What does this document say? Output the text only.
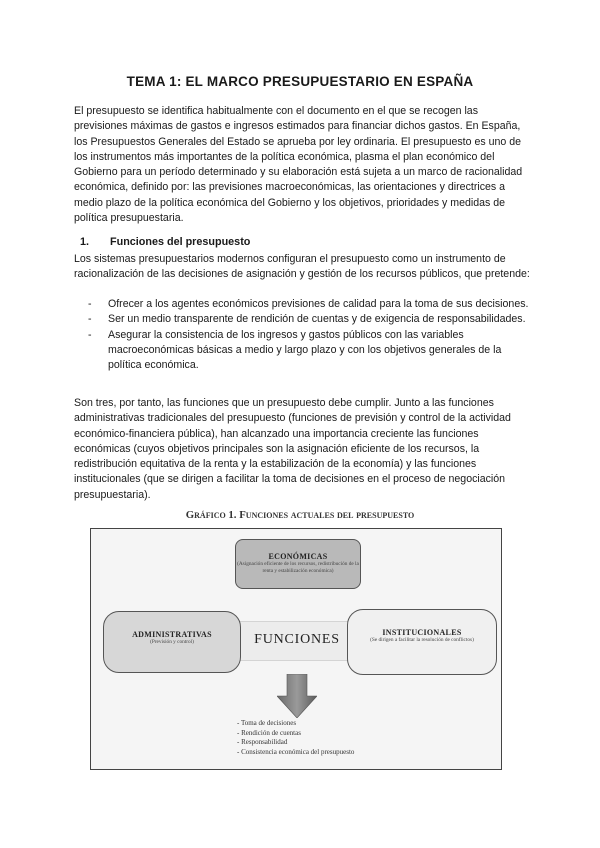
TEMA 1: EL MARCO PRESUPUESTARIO EN ESPAÑA
El presupuesto se identifica habitualmente con el documento en el que se recogen las previsiones máximas de gastos e ingresos estimados para financiar dichos gastos. En España, los Presupuestos Generales del Estado se aprueba por ley ordinaria. El presupuesto es uno de los instrumentos más importantes de la política económica, plasma el plan económico del Gobierno para un período determinado y su elaboración está sujeta a un marco de racionalidad económica, definido por: las previsiones macroeconómicas, las orientaciones y directrices a medio plazo de la política económica del Gobierno y los objetivos, prioridades y medidas de política presupuestaria.
1. Funciones del presupuesto
Los sistemas presupuestarios modernos configuran el presupuesto como un instrumento de racionalización de las decisiones de asignación y gestión de los recursos públicos, que pretende:
-	Ofrecer a los agentes económicos previsiones de calidad para la toma de sus decisiones.
-	Ser un medio transparente de rendición de cuentas y de exigencia de responsabilidades.
-	Asegurar la consistencia de los ingresos y gastos públicos con las variables macroeconómicas básicas a medio y largo plazo y con los objetivos generales de la política económica.
Son tres, por tanto, las funciones que un presupuesto debe cumplir. Junto a las funciones administrativas tradicionales del presupuesto (funciones de previsión y control de la actividad económico-financiera pública), han alcanzado una importancia creciente las funciones económicas (cuyos objetivos principales son la asignación eficiente de los recursos, la redistribución equitativa de la renta y la estabilización de la economía) y las funciones institucionales (que se dirigen a facilitar la toma de decisiones en el proceso de negociación presupuestaria).
Gráfico 1. Funciones actuales del presupuesto
FUNCIONES
ECONÓMICAS
(Asignación eficiente de los recursos, redistribución de la renta y estabilización económica)
ADMINISTRATIVAS
(Previsión y control)
INSTITUCIONALES
(Se dirigen a facilitar la resolución de conflictos)
- Toma de decisiones
- Rendición de cuentas
- Responsabilidad
- Consistencia económica del presupuesto
